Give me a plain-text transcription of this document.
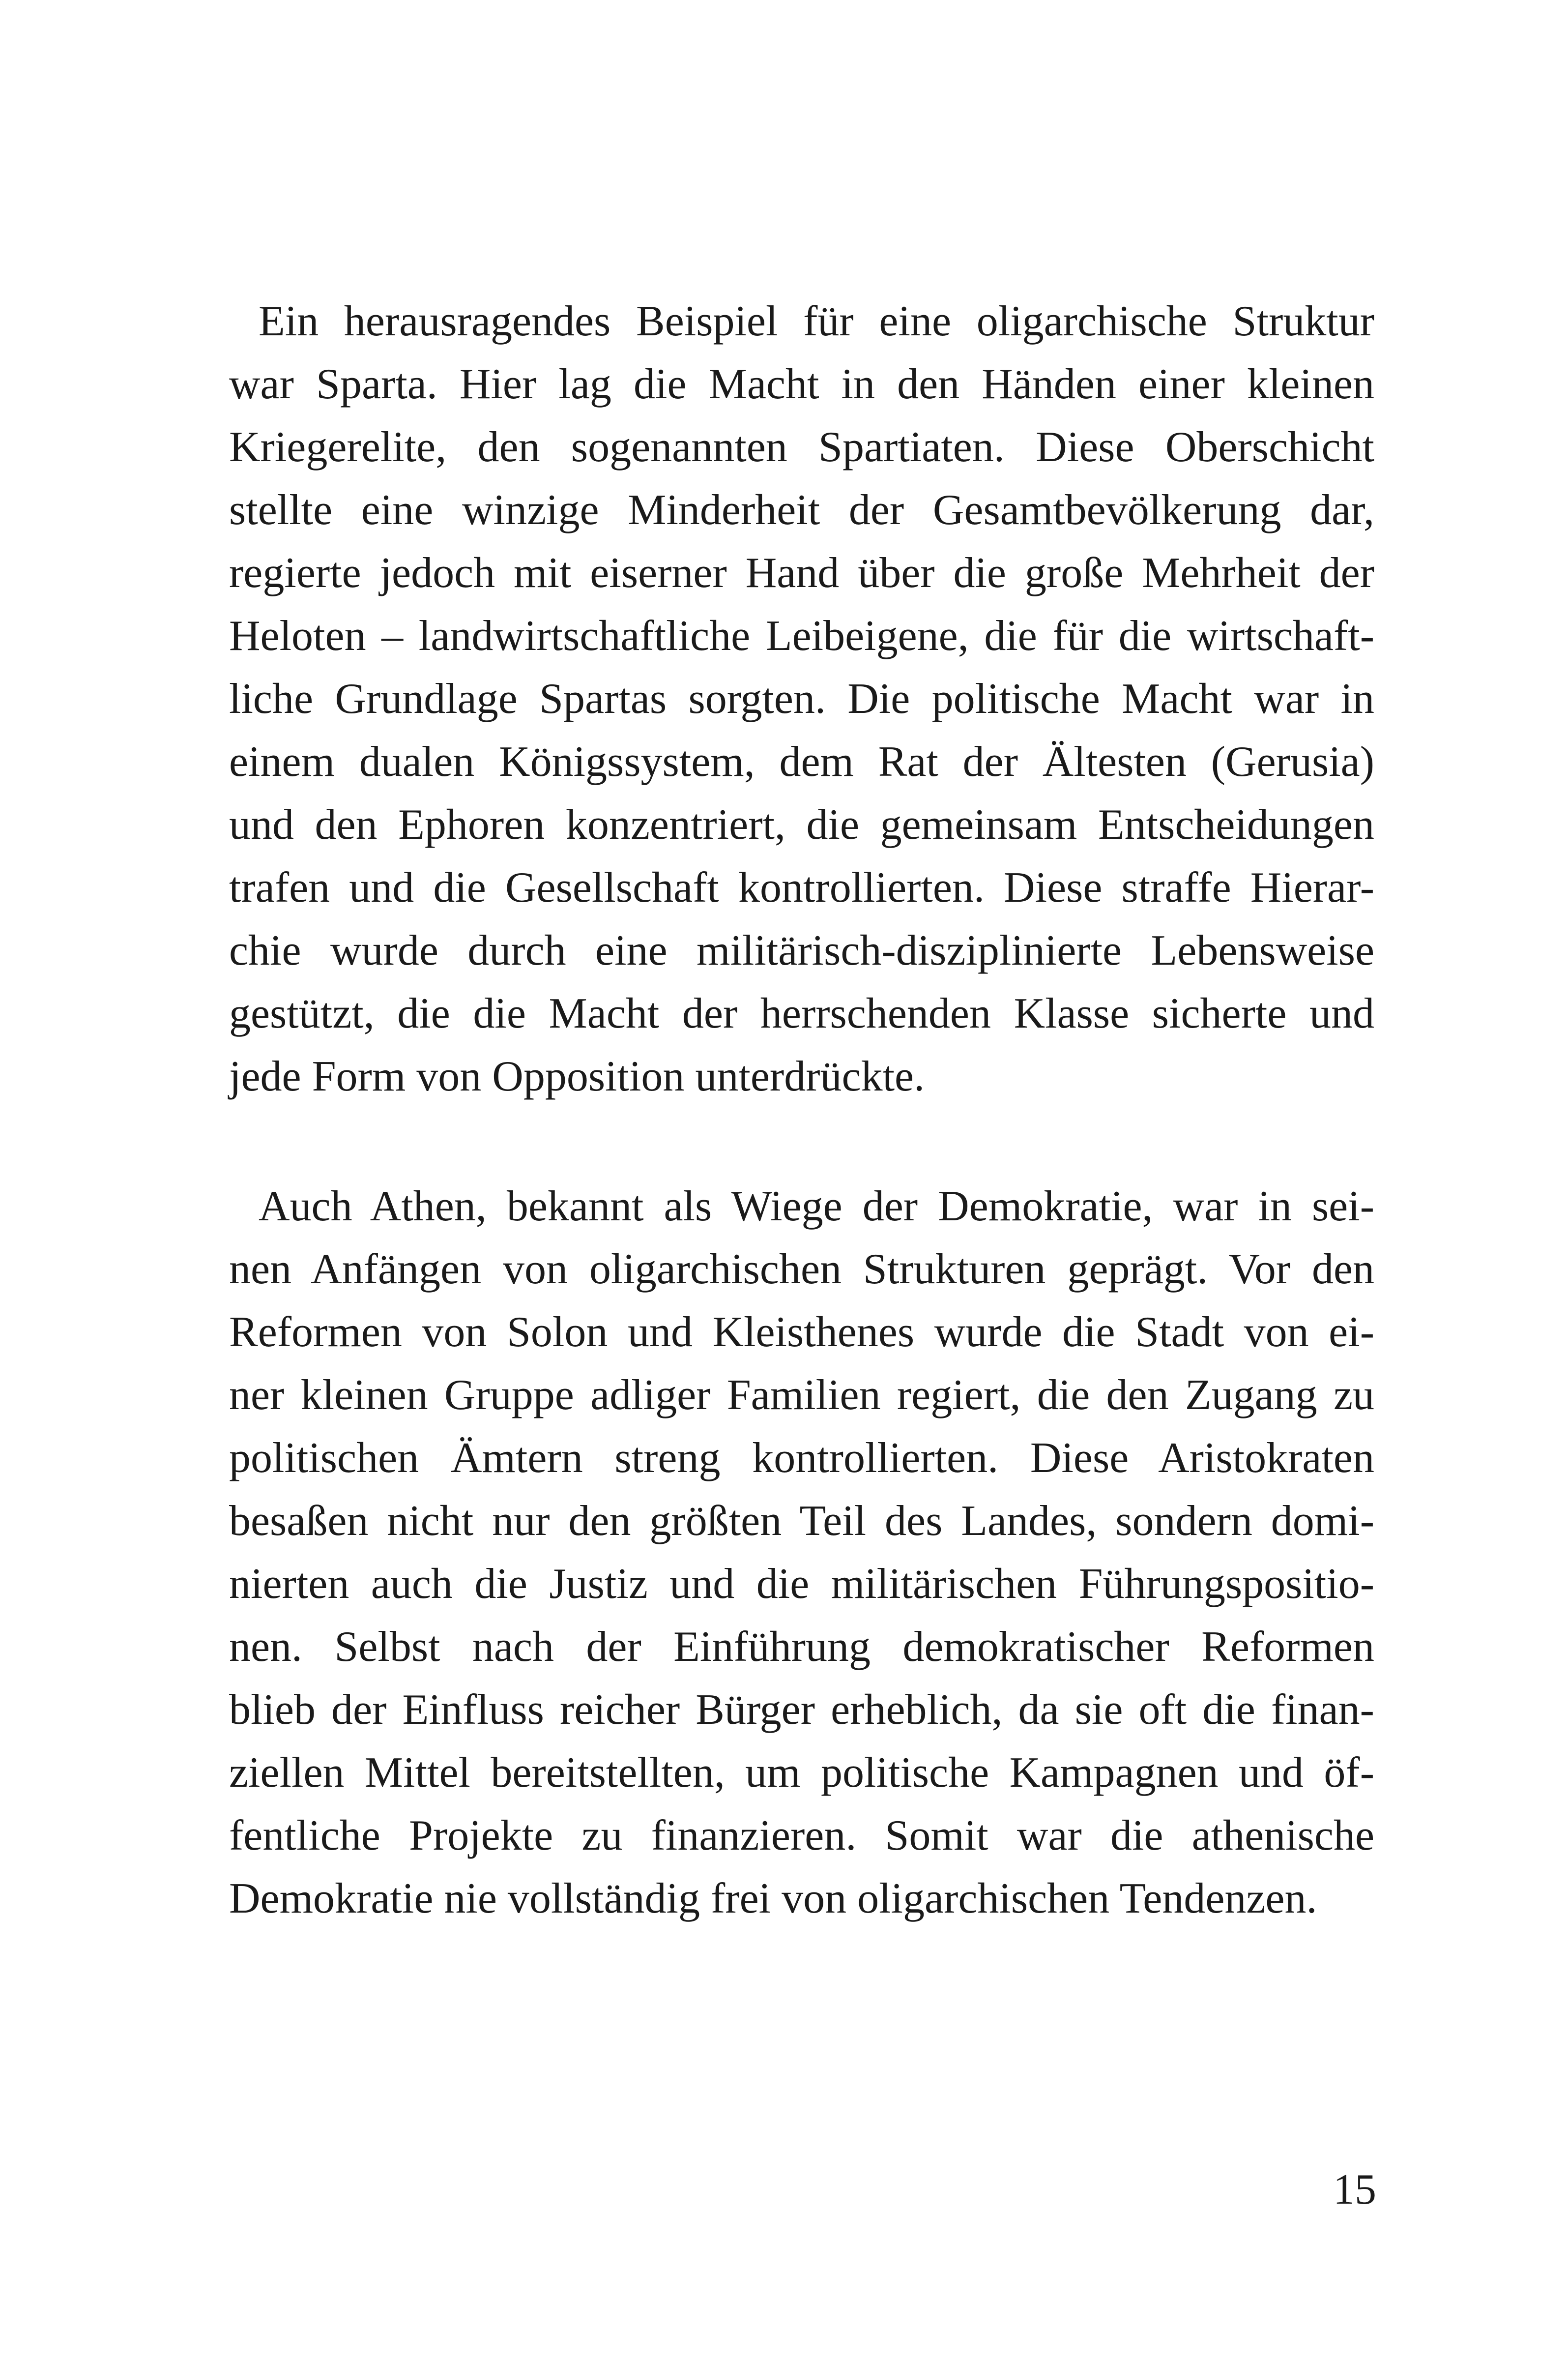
Ein herausragendes Beispiel für eine oligarchische Struktur
war Sparta. Hier lag die Macht in den Händen einer kleinen
Kriegerelite, den sogenannten Spartiaten. Diese Oberschicht
stellte eine winzige Minderheit der Gesamtbevölkerung dar,
regierte jedoch mit eiserner Hand über die große Mehrheit der
Heloten – landwirtschaftliche Leibeigene, die für die wirtschaft-
liche Grundlage Spartas sorgten. Die politische Macht war in
einem dualen Königssystem, dem Rat der Ältesten (Gerusia)
und den Ephoren konzentriert, die gemeinsam Entscheidungen
trafen und die Gesellschaft kontrollierten. Diese straffe Hierar-
chie wurde durch eine militärisch-disziplinierte Lebensweise
gestützt, die die Macht der herrschenden Klasse sicherte und
jede Form von Opposition unterdrückte.
Auch Athen, bekannt als Wiege der Demokratie, war in sei-
nen Anfängen von oligarchischen Strukturen geprägt. Vor den
Reformen von Solon und Kleisthenes wurde die Stadt von ei-
ner kleinen Gruppe adliger Familien regiert, die den Zugang zu
politischen Ämtern streng kontrollierten. Diese Aristokraten
besaßen nicht nur den größten Teil des Landes, sondern domi-
nierten auch die Justiz und die militärischen Führungspositio-
nen. Selbst nach der Einführung demokratischer Reformen
blieb der Einfluss reicher Bürger erheblich, da sie oft die finan-
ziellen Mittel bereitstellten, um politische Kampagnen und öf-
fentliche Projekte zu finanzieren. Somit war die athenische
Demokratie nie vollständig frei von oligarchischen Tendenzen.
15
